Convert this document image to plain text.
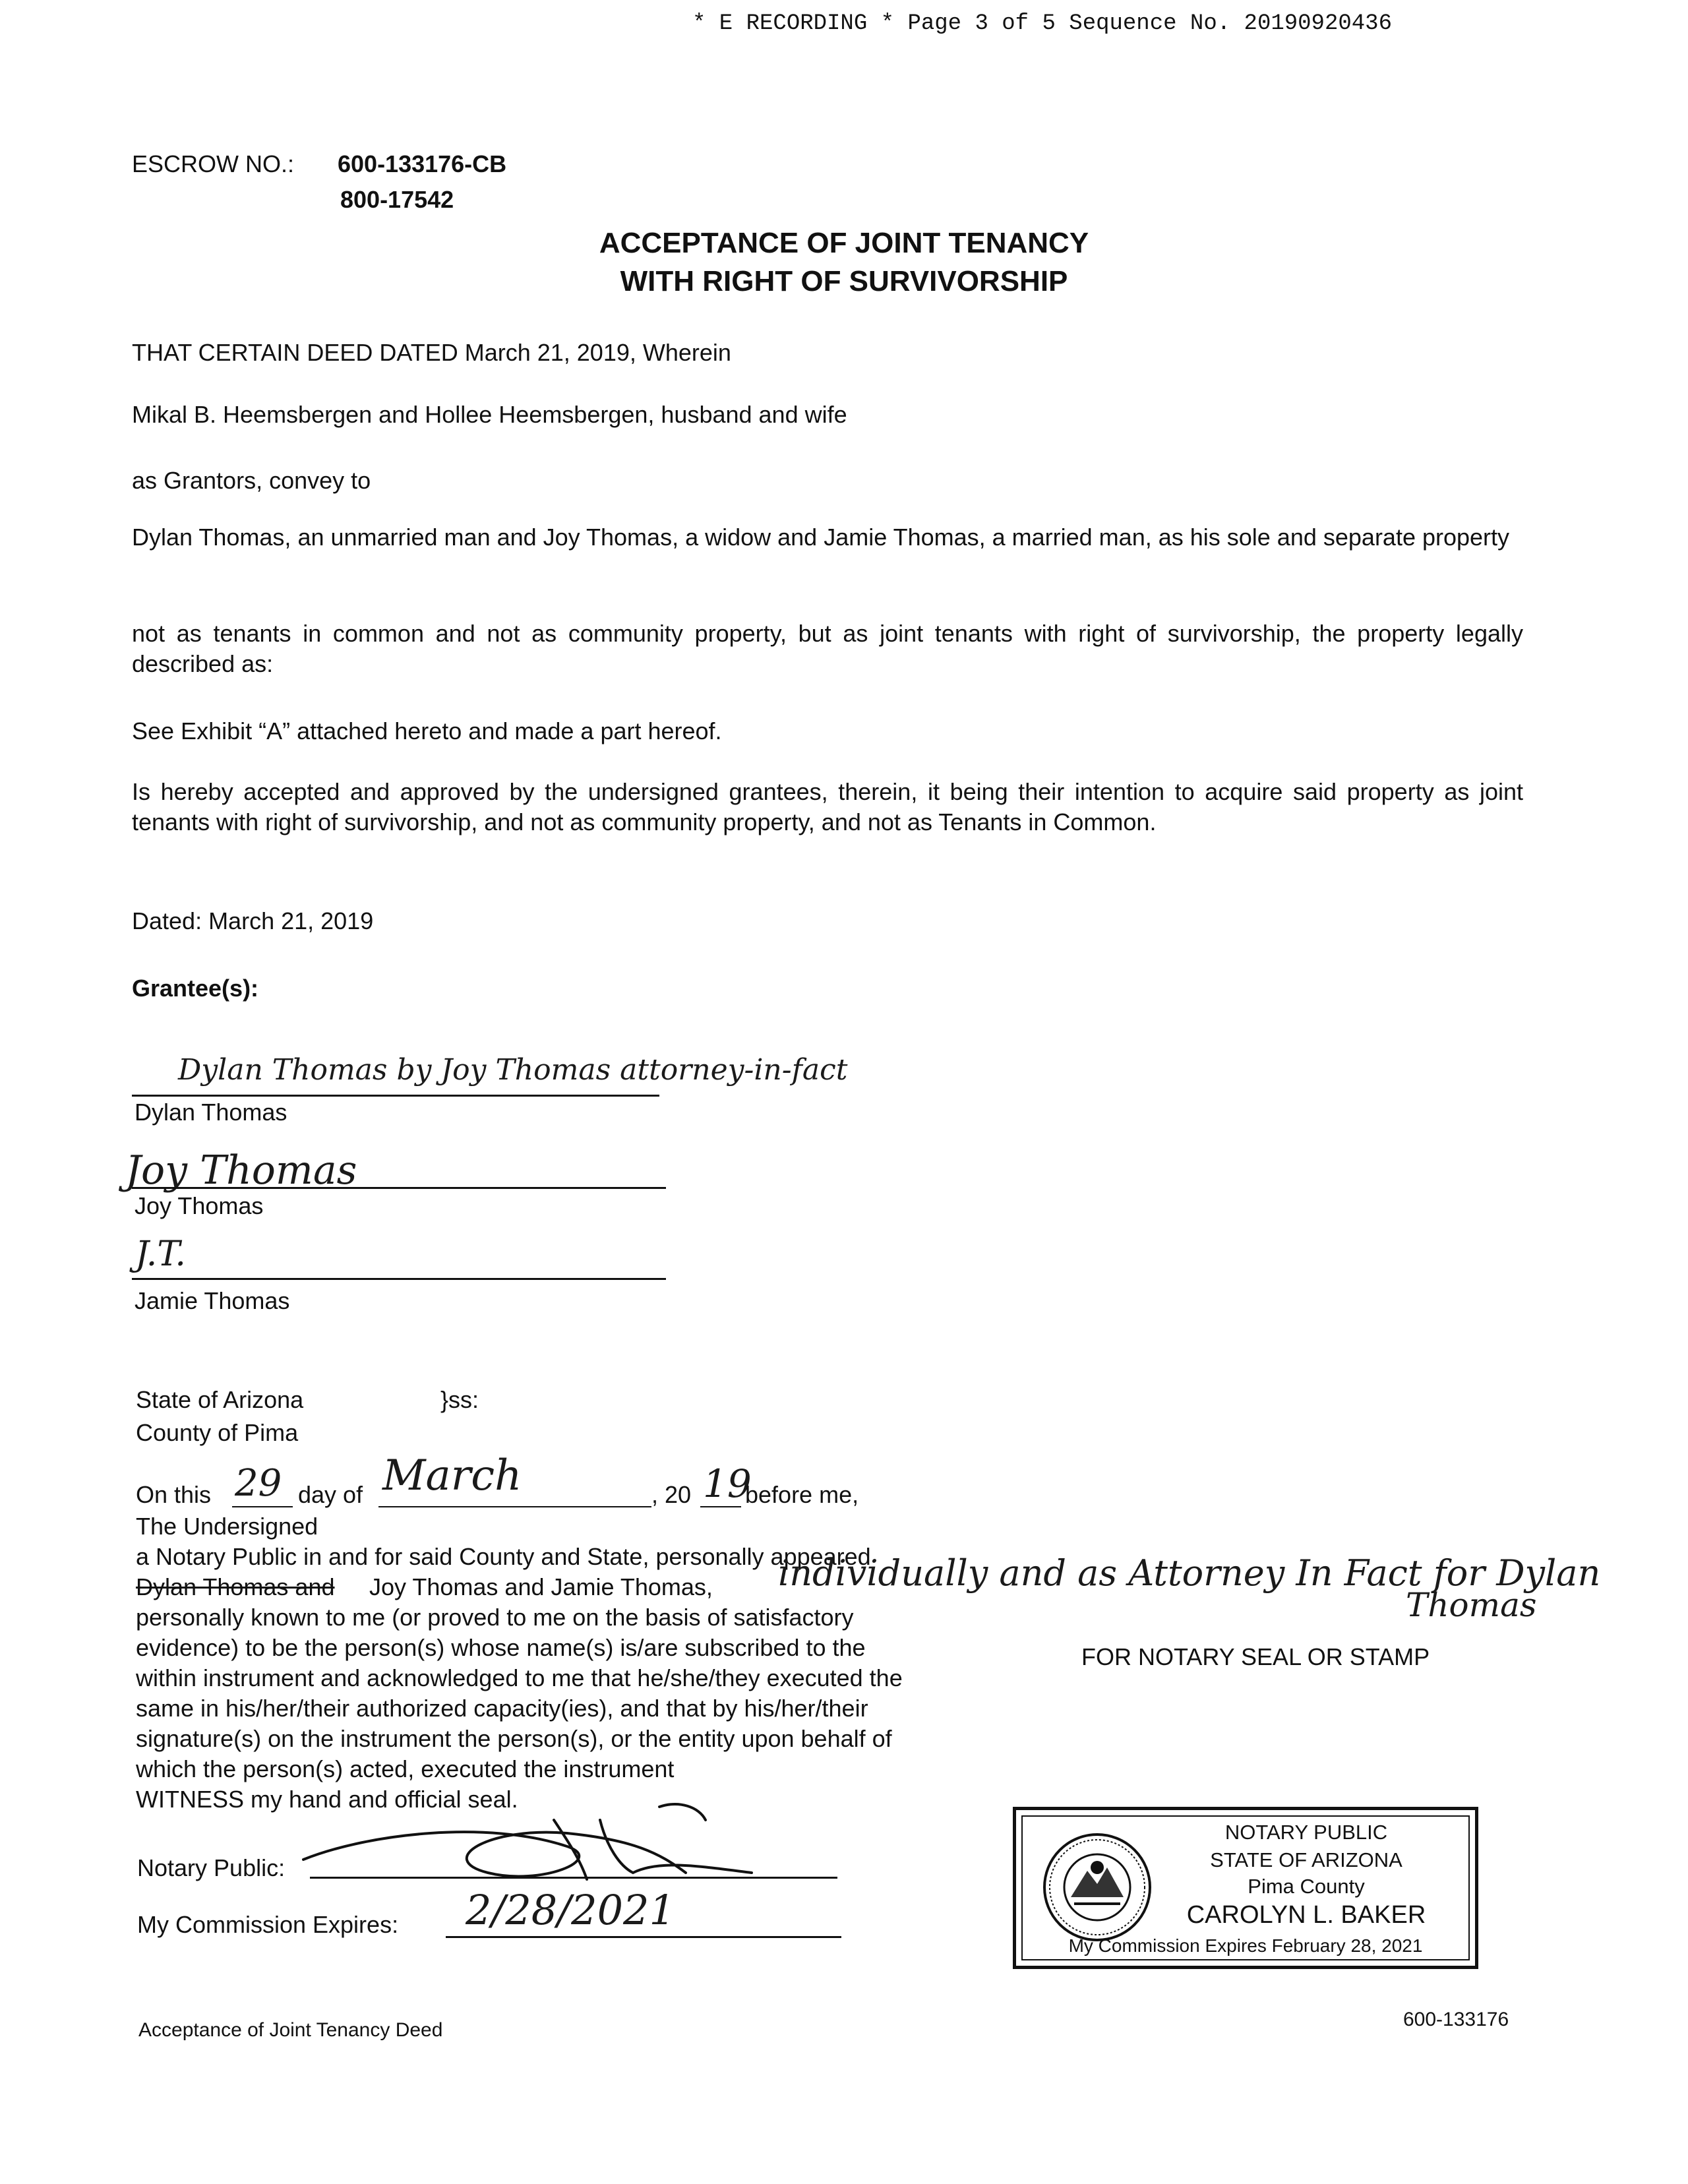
* E RECORDING * Page 3 of 5 Sequence No. 20190920436
ESCROW NO.: 600-133176-CB
800-17542
ACCEPTANCE OF JOINT TENANCY
WITH RIGHT OF SURVIVORSHIP
THAT CERTAIN DEED DATED March 21, 2019, Wherein
Mikal B. Heemsbergen and Hollee Heemsbergen, husband and wife
as Grantors, convey to
Dylan Thomas, an unmarried man and Joy Thomas, a widow and Jamie Thomas, a married man, as his sole and separate property
not as tenants in common and not as community property, but as joint tenants with right of survivorship, the property legally described as:
See Exhibit “A” attached hereto and made a part hereof.
Is hereby accepted and approved by the undersigned grantees, therein, it being their intention to acquire said property as joint tenants with right of survivorship, and not as community property, and not as Tenants in Common.
Dated: March 21, 2019
Grantee(s):
Dylan Thomas by Joy Thomas attorney-in-fact
Dylan Thomas
Joy Thomas
Joy Thomas
J.T.
Jamie Thomas
State of Arizona
County of Pima
}ss:
On this 29 day of March	, 20 19
before me,
The Undersigned
a Notary Public in and for said County and State, personally appeared
Dylan Thomas and Joy Thomas and Jamie Thomas, individually and as Attorney In Fact for Dylan
Thomas
personally known to me (or proved to me on the basis of satisfactory
evidence) to be the person(s) whose name(s) is/are subscribed to the
within instrument and acknowledged to me that he/she/they executed the
same in his/her/their authorized capacity(ies), and that by his/her/their
signature(s) on the instrument the person(s), or the entity upon behalf of
which the person(s) acted, executed the instrument
WITNESS my hand and official seal.
FOR NOTARY SEAL OR STAMP
Notary Public:
My Commission Expires: 2/28/2021
NOTARY PUBLIC
STATE OF ARIZONA
Pima County
CAROLYN L. BAKER
My Commission Expires February 28, 2021
Acceptance of Joint Tenancy Deed	600-133176
